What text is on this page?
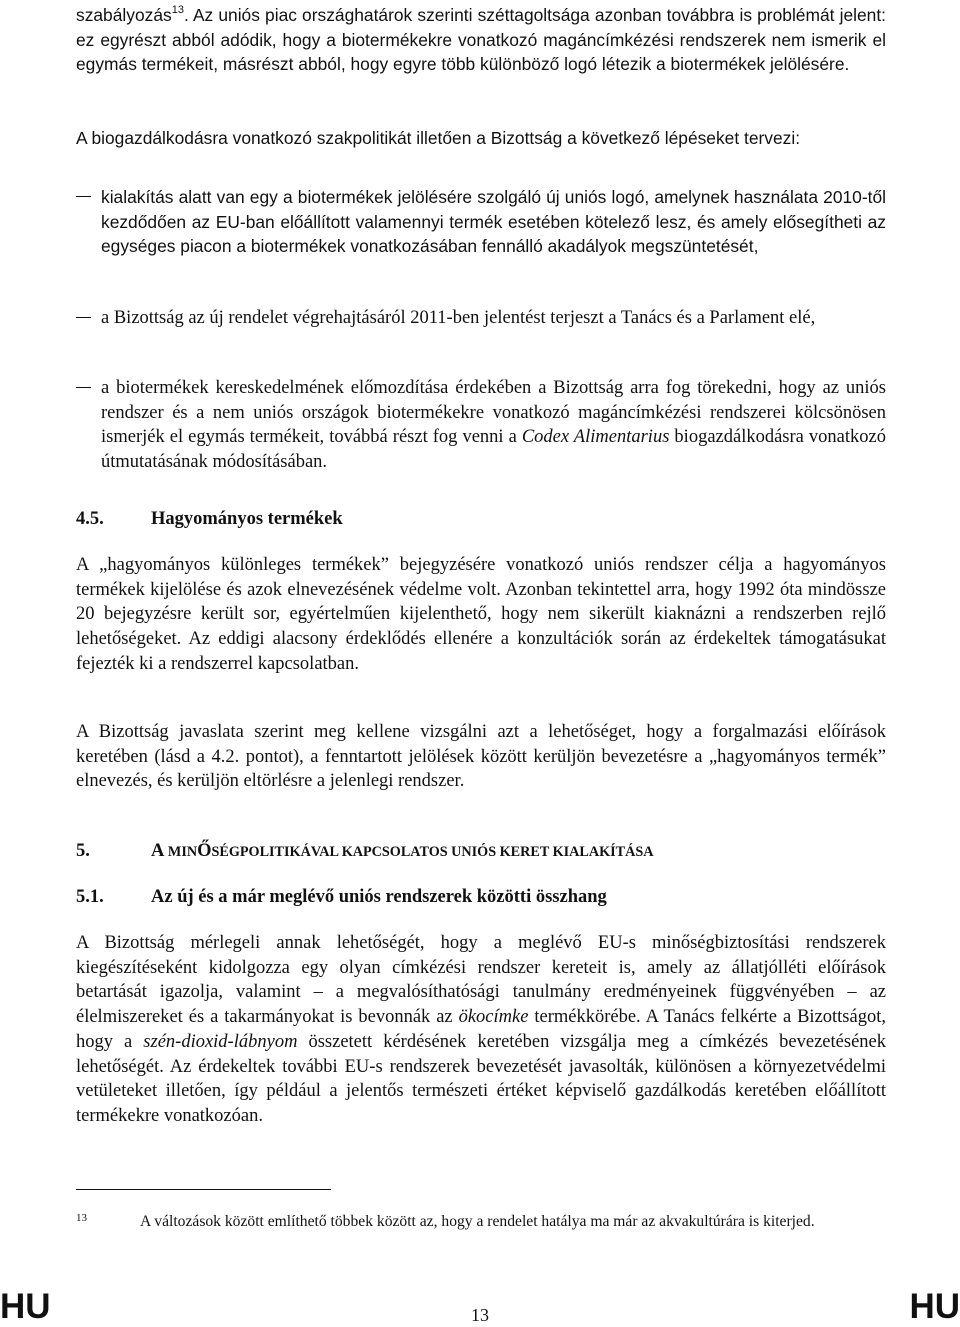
szabályozás$^{13}$. Az uniós piac országhatárok szerinti széttagoltsága azonban továbbra is problémát jelent: ez egyrészt abból adódik, hogy a biotermékekre vonatkozó magáncímkézési rendszerek nem ismerik el egymás termékeit, másrészt abból, hogy egyre több különböző logó létezik a biotermékek jelölésére.
A biogazdálkodásra vonatkozó szakpolitikát illetően a Bizottság a következő lépéseket tervezi:
kialakítás alatt van egy a biotermékek jelölésére szolgáló új uniós logó, amelynek használata 2010-től kezdődően az EU-ban előállított valamennyi termék esetében kötelező lesz, és amely elősegítheti az egységes piacon a biotermékek vonatkozásában fennálló akadályok megszüntetését,
a Bizottság az új rendelet végrehajtásáról 2011-ben jelentést terjeszt a Tanács és a Parlament elé,
a biotermékek kereskedelmének előmozdítása érdekében a Bizottság arra fog törekedni, hogy az uniós rendszer és a nem uniós országok biotermékekre vonatkozó magáncímkézési rendszerei kölcsönösen ismerjék el egymás termékeit, továbbá részt fog venni a Codex Alimentarius biogazdálkodásra vonatkozó útmutatásának módosításában.
4.5.	Hagyományos termékek
A „hagyományos különleges termékek” bejegyzésére vonatkozó uniós rendszer célja a hagyományos termékek kijelölése és azok elnevezésének védelme volt. Azonban tekintettel arra, hogy 1992 óta mindössze 20 bejegyzésre került sor, egyértelműen kijelenthető, hogy nem sikerült kiaknázni a rendszerben rejlő lehetőségeket. Az eddigi alacsony érdeklődés ellenére a konzultációk során az érdekeltek támogatásukat fejezték ki a rendszerrel kapcsolatban.
A Bizottság javaslata szerint meg kellene vizsgálni azt a lehetőséget, hogy a forgalmazási előírások keretében (lásd a 4.2. pontot), a fenntartott jelölések között kerüljön bevezetésre a „hagyományos termék” elnevezés, és kerüljön eltörlésre a jelenlegi rendszer.
5.	A MINŐSÉGPOLITIKÁVAL KAPCSOLATOS UNIÓS KERET KIALAKÍTÁSA
5.1.	Az új és a már meglévő uniós rendszerek közötti összhang
A Bizottság mérlegeli annak lehetőségét, hogy a meglévő EU-s minőségbiztosítási rendszerek kiegészítéseként kidolgozza egy olyan címkézési rendszer kereteit is, amely az állatjólléti előírások betartását igazolja, valamint – a megvalósíthatósági tanulmány eredményeinek függvényében – az élelmiszereket és a takarmányokat is bevonnák az ökocímke termékkörébe. A Tanács felkérte a Bizottságot, hogy a szén-dioxid-lábnyom összetett kérdésének keretében vizsgálja meg a címkézés bevezetésének lehetőségét. Az érdekeltek további EU-s rendszerek bevezetését javasolták, különösen a környezetvédelmi vetületeket illetően, így például a jelentős természeti értéket képviselő gazdálkodás keretében előállított termékekre vonatkozóan.
13	A változások között említhető többek között az, hogy a rendelet hatálya ma már az akvakultúrára is kiterjed.
HU	13	HU
